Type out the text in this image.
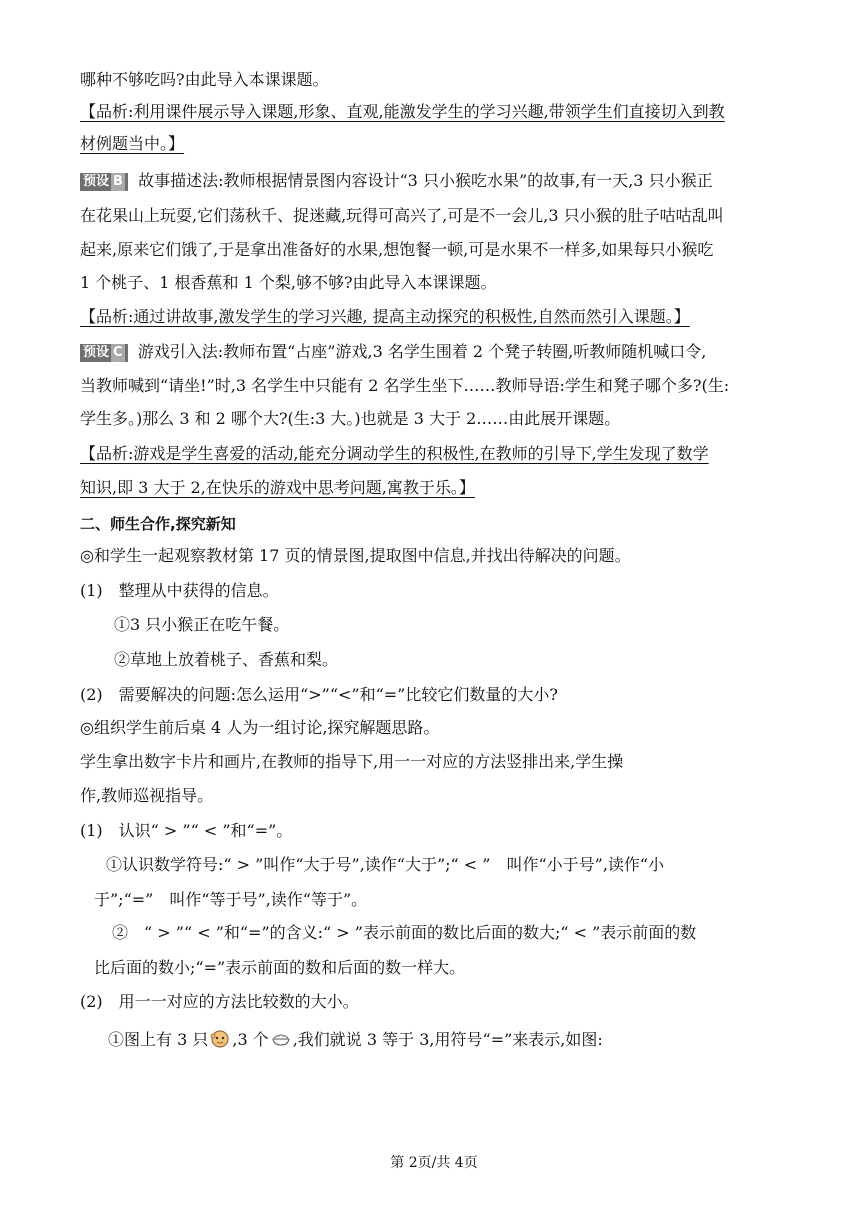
哪种不够吃吗?由此导入本课课题。
【品析:利用课件展示导入课题,形象、直观,能激发学生的学习兴趣,带领学生们直接切入到教
材例题当中。】
预设 B 故事描述法:教师根据情景图内容设计“3 只小猴吃水果”的故事,有一天,3 只小猴正
在花果山上玩耍,它们荡秋千、捉迷藏,玩得可高兴了,可是不一会儿,3 只小猴的肚子咕咕乱叫
起来,原来它们饿了,于是拿出准备好的水果,想饱餐一顿,可是水果不一样多,如果每只小猴吃
1 个桃子、1 根香蕉和 1 个梨,够不够?由此导入本课课题。
【品析:通过讲故事,激发学生的学习兴趣, 提高主动探究的积极性,自然而然引入课题。】
预设 C 游戏引入法:教师布置“占座”游戏,3 名学生围着 2 个凳子转圈,听教师随机喊口令,
当教师喊到“请坐!”时,3 名学生中只能有 2 名学生坐下……教师导语:学生和凳子哪个多?(生:
学生多。)那么 3 和 2 哪个大?(生:3 大。)也就是 3 大于 2……由此展开课题。
【品析:游戏是学生喜爱的活动,能充分调动学生的积极性,在教师的引导下,学生发现了数学
知识,即 3 大于 2,在快乐的游戏中思考问题,寓教于乐。】
二、师生合作,探究新知
◎和学生一起观察教材第 17 页的情景图,提取图中信息,并找出待解决的问题。
(1)　整理从中获得的信息。
①3 只小猴正在吃午餐。
②草地上放着桃子、香蕉和梨。
(2)　需要解决的问题:怎么运用“>”“<”和“=”比较它们数量的大小?
◎组织学生前后桌 4 人为一组讨论,探究解题思路。
学生拿出数字卡片和画片,在教师的指导下,用一一对应的方法竖排出来,学生操
作,教师巡视指导。
(1)　认识“ > ”“ < ”和“=”。
①认识数学符号:“ > ”叫作“大于号”,读作“大于”;“ < ”　叫作“小于号”,读作“小
于”;“=”　叫作“等于号”,读作“等于”。
②　“ > ”“ < ”和“=”的含义:“ > ”表示前面的数比后面的数大;“ < ”表示前面的数
比后面的数小;“=”表示前面的数和后面的数一样大。
(2)　用一一对应的方法比较数的大小。
①图上有 3 只 ,3 个 ,我们就说 3 等于 3,用符号“=”来表示,如图:
第 2页/共 4页
